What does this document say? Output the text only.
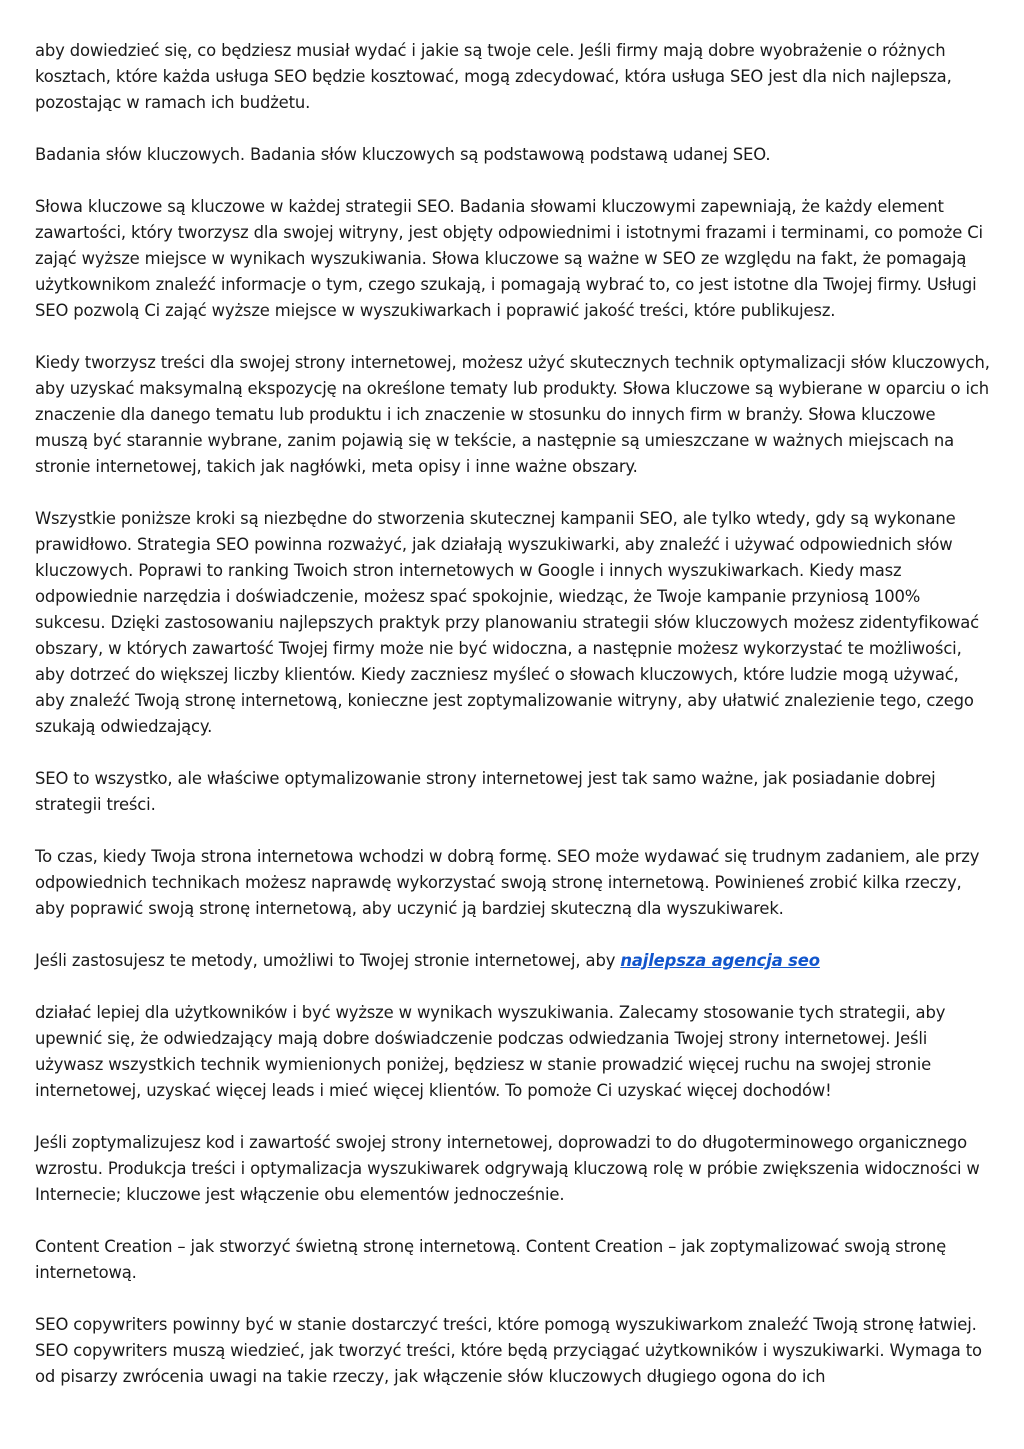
aby dowiedzieć się, co będziesz musiał wydać i jakie są twoje cele. Jeśli firmy mają dobre wyobrażenie o różnych kosztach, które każda usługa SEO będzie kosztować, mogą zdecydować, która usługa SEO jest dla nich najlepsza, pozostając w ramach ich budżetu.

Badania słów kluczowych. Badania słów kluczowych są podstawową podstawą udanej SEO.

Słowa kluczowe są kluczowe w każdej strategii SEO. Badania słowami kluczowymi zapewniają, że każdy element zawartości, który tworzysz dla swojej witryny, jest objęty odpowiednimi i istotnymi frazami i terminami, co pomoże Ci zająć wyższe miejsce w wynikach wyszukiwania. Słowa kluczowe są ważne w SEO ze względu na fakt, że pomagają użytkownikom znaleźć informacje o tym, czego szukają, i pomagają wybrać to, co jest istotne dla Twojej firmy. Usługi SEO pozwolą Ci zająć wyższe miejsce w wyszukiwarkach i poprawić jakość treści, które publikujesz.

Kiedy tworzysz treści dla swojej strony internetowej, możesz użyć skutecznych technik optymalizacji słów kluczowych, aby uzyskać maksymalną ekspozycję na określone tematy lub produkty. Słowa kluczowe są wybierane w oparciu o ich znaczenie dla danego tematu lub produktu i ich znaczenie w stosunku do innych firm w branży. Słowa kluczowe muszą być starannie wybrane, zanim pojawią się w tekście, a następnie są umieszczane w ważnych miejscach na stronie internetowej, takich jak nagłówki, meta opisy i inne ważne obszary.

Wszystkie poniższe kroki są niezbędne do stworzenia skutecznej kampanii SEO, ale tylko wtedy, gdy są wykonane prawidłowo. Strategia SEO powinna rozważyć, jak działają wyszukiwarki, aby znaleźć i używać odpowiednich słów kluczowych. Poprawi to ranking Twoich stron internetowych w Google i innych wyszukiwarkach. Kiedy masz odpowiednie narzędzia i doświadczenie, możesz spać spokojnie, wiedząc, że Twoje kampanie przyniosą 100% sukcesu. Dzięki zastosowaniu najlepszych praktyk przy planowaniu strategii słów kluczowych możesz zidentyfikować obszary, w których zawartość Twojej firmy może nie być widoczna, a następnie możesz wykorzystać te możliwości, aby dotrzeć do większej liczby klientów. Kiedy zaczniesz myśleć o słowach kluczowych, które ludzie mogą używać, aby znaleźć Twoją stronę internetową, konieczne jest zoptymalizowanie witryny, aby ułatwić znalezienie tego, czego szukają odwiedzający.

SEO to wszystko, ale właściwe optymalizowanie strony internetowej jest tak samo ważne, jak posiadanie dobrej strategii treści.

To czas, kiedy Twoja strona internetowa wchodzi w dobrą formę. SEO może wydawać się trudnym zadaniem, ale przy odpowiednich technikach możesz naprawdę wykorzystać swoją stronę internetową. Powinieneś zrobić kilka rzeczy, aby poprawić swoją stronę internetową, aby uczynić ją bardziej skuteczną dla wyszukiwarek.

Jeśli zastosujesz te metody, umożliwi to Twojej stronie internetowej, aby najlepsza agencja seo

działać lepiej dla użytkowników i być wyższe w wynikach wyszukiwania. Zalecamy stosowanie tych strategii, aby upewnić się, że odwiedzający mają dobre doświadczenie podczas odwiedzania Twojej strony internetowej. Jeśli używasz wszystkich technik wymienionych poniżej, będziesz w stanie prowadzić więcej ruchu na swojej stronie internetowej, uzyskać więcej leads i mieć więcej klientów. To pomoże Ci uzyskać więcej dochodów!

Jeśli zoptymalizujesz kod i zawartość swojej strony internetowej, doprowadzi to do długoterminowego organicznego wzrostu. Produkcja treści i optymalizacja wyszukiwarek odgrywają kluczową rolę w próbie zwiększenia widoczności w Internecie; kluczowe jest włączenie obu elementów jednocześnie.

Content Creation – jak stworzyć świetną stronę internetową. Content Creation – jak zoptymalizować swoją stronę internetową.

SEO copywriters powinny być w stanie dostarczyć treści, które pomogą wyszukiwarkom znaleźć Twoją stronę łatwiej. SEO copywriters muszą wiedzieć, jak tworzyć treści, które będą przyciągać użytkowników i wyszukiwarki. Wymaga to od pisarzy zwrócenia uwagi na takie rzeczy, jak włączenie słów kluczowych długiego ogona do ich
